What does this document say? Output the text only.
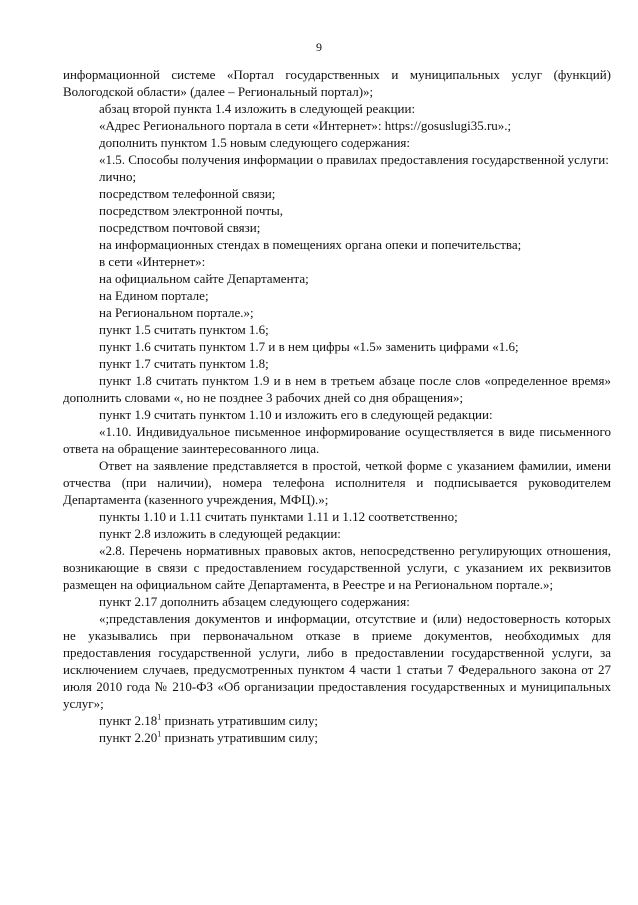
9

информационной системе «Портал государственных и муниципальных услуг (функций) Вологодской области» (далее – Региональный портал)»;

абзац второй пункта 1.4 изложить в следующей реакции:

«Адрес Регионального портала в сети «Интернет»: https://gosuslugi35.ru».;

дополнить пунктом 1.5 новым следующего содержания:

«1.5. Способы получения информации о правилах предоставления государственной услуги:

лично;

посредством телефонной связи;

посредством электронной почты,

посредством почтовой связи;

на информационных стендах в помещениях органа опеки и попечительства;

в сети «Интернет»:

на официальном сайте Департамента;

на Едином портале;

на Региональном портале.»;

пункт 1.5 считать пунктом 1.6;

пункт 1.6 считать пунктом 1.7 и в нем цифры «1.5» заменить цифрами «1.6;

пункт 1.7 считать пунктом 1.8;

пункт 1.8 считать пунктом 1.9 и в нем в третьем абзаце после слов «определенное время» дополнить словами «, но не позднее 3 рабочих дней со дня обращения»;

пункт 1.9 считать пунктом 1.10 и изложить его в следующей редакции:

«1.10. Индивидуальное письменное информирование осуществляется в виде письменного ответа на обращение заинтересованного лица.

Ответ на заявление представляется в простой, четкой форме с указанием фамилии, имени отчества (при наличии), номера телефона исполнителя и подписывается руководителем Департамента (казенного учреждения, МФЦ).»;

пункты 1.10 и 1.11 считать пунктами 1.11 и 1.12 соответственно;

пункт 2.8 изложить в следующей редакции:

«2.8. Перечень нормативных правовых актов, непосредственно регулирующих отношения, возникающие в связи с предоставлением государственной услуги, с указанием их реквизитов размещен на официальном сайте Департамента, в Реестре и на Региональном портале.»;

пункт 2.17 дополнить абзацем следующего содержания:

«;представления документов и информации, отсутствие и (или) недостоверность которых не указывались при первоначальном отказе в приеме документов, необходимых для предоставления государственной услуги, либо в предоставлении государственной услуги, за исключением случаев, предусмотренных пунктом 4 части 1 статьи 7 Федерального закона от 27 июля 2010 года № 210-ФЗ «Об организации предоставления государственных и муниципальных услуг»;

пункт 2.18$^1$ признать утратившим силу;

пункт 2.20$^1$ признать утратившим силу;
